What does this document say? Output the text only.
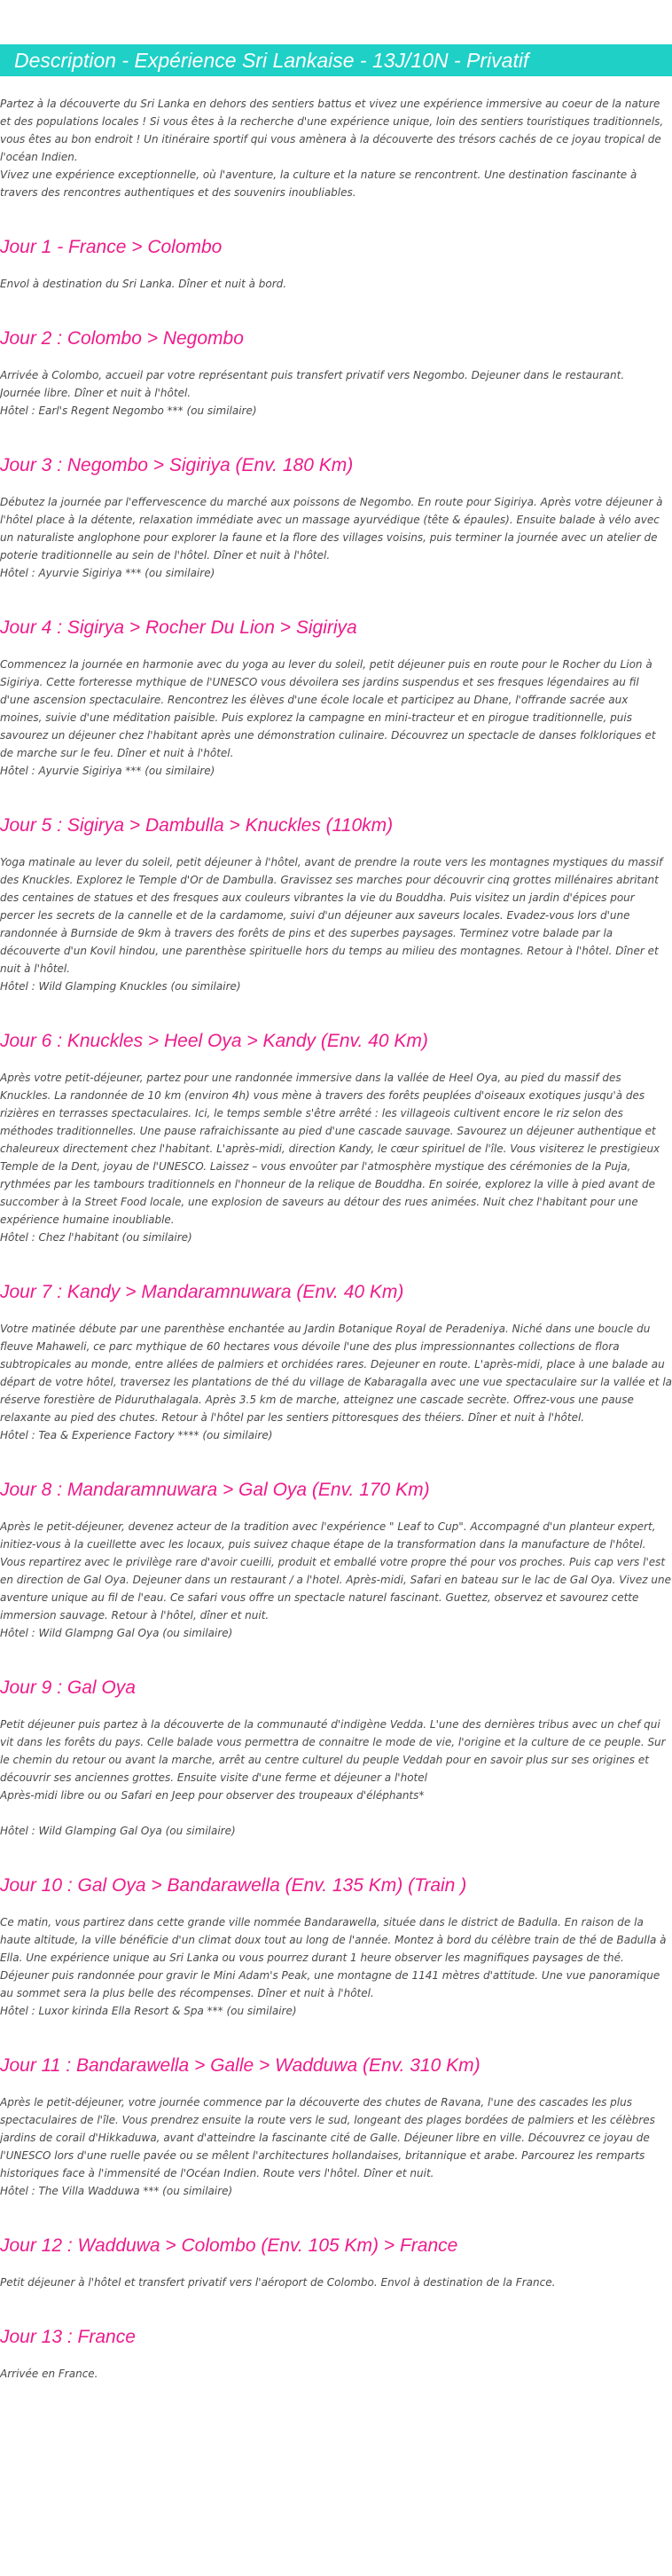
Description - Expérience Sri Lankaise - 13J/10N - Privatif

Partez à la découverte du Sri Lanka en dehors des sentiers battus et vivez une expérience immersive au coeur de la nature et des populations locales ! Si vous êtes à la recherche d'une expérience unique, loin des sentiers touristiques traditionnels, vous êtes au bon endroit ! Un itinéraire sportif qui vous amènera à la découverte des trésors cachés de ce joyau tropical de l'océan Indien.

Vivez une expérience exceptionnelle, où l'aventure, la culture et la nature se rencontrent. Une destination fascinante à travers des rencontres authentiques et des souvenirs inoubliables.

Jour 1 - France > Colombo

Envol à destination du Sri Lanka. Dîner et nuit à bord.

Jour 2 : Colombo > Negombo

Arrivée à Colombo, accueil par votre représentant puis transfert privatif vers Negombo. Dejeuner dans le restaurant.

Journée libre. Dîner et nuit à l'hôtel.

Hôtel : Earl's Regent Negombo *** (ou similaire)

Jour 3 : Negombo > Sigiriya (Env. 180 Km)

Débutez la journée par l'effervescence du marché aux poissons de Negombo. En route pour Sigiriya. Après votre déjeuner à l'hôtel place à la détente, relaxation immédiate avec un massage ayurvédique (tête & épaules). Ensuite balade à vélo avec un naturaliste anglophone pour explorer la faune et la flore des villages voisins, puis terminer la journée avec un atelier de poterie traditionnelle au sein de l'hôtel. Dîner et nuit à l'hôtel.

Hôtel : Ayurvie Sigiriya *** (ou similaire)

Jour 4 : Sigirya > Rocher Du Lion > Sigiriya

Commencez la journée en harmonie avec du yoga au lever du soleil, petit déjeuner puis en route pour le Rocher du Lion à Sigiriya. Cette forteresse mythique de l'UNESCO vous dévoilera ses jardins suspendus et ses fresques légendaires au fil d'une ascension spectaculaire. Rencontrez les élèves d'une école locale et participez au Dhane, l'offrande sacrée aux moines, suivie d'une méditation paisible. Puis explorez la campagne en mini-tracteur et en pirogue traditionnelle, puis savourez un déjeuner chez l'habitant après une démonstration culinaire. Découvrez un spectacle de danses folkloriques et de marche sur le feu. Dîner et nuit à l'hôtel.

Hôtel : Ayurvie Sigiriya *** (ou similaire)

Jour 5 : Sigirya > Dambulla > Knuckles (110km)

Yoga matinale au lever du soleil, petit déjeuner à l'hôtel, avant de prendre la route vers les montagnes mystiques du massif des Knuckles. Explorez le Temple d'Or de Dambulla. Gravissez ses marches pour découvrir cinq grottes millénaires abritant des centaines de statues et des fresques aux couleurs vibrantes la vie du Bouddha. Puis visitez un jardin d'épices pour percer les secrets de la cannelle et de la cardamome, suivi d'un déjeuner aux saveurs locales. Evadez-vous lors d'une randonnée à Burnside de 9km à travers des forêts de pins et des superbes paysages. Terminez votre balade par la découverte d'un Kovil hindou, une parenthèse spirituelle hors du temps au milieu des montagnes. Retour à l'hôtel. Dîner et nuit à l'hôtel.

Hôtel : Wild Glamping Knuckles (ou similaire)

Jour 6 : Knuckles > Heel Oya > Kandy (Env. 40 Km)

Après votre petit-déjeuner, partez pour une randonnée immersive dans la vallée de Heel Oya, au pied du massif des Knuckles. La randonnée de 10 km (environ 4h) vous mène à travers des forêts peuplées d'oiseaux exotiques jusqu'à des rizières en terrasses spectaculaires. Ici, le temps semble s'être arrêté : les villageois cultivent encore le riz selon des méthodes traditionnelles. Une pause rafraichissante au pied d'une cascade sauvage. Savourez un déjeuner authentique et chaleureux directement chez l'habitant. L'après-midi, direction Kandy, le cœur spirituel de l'île. Vous visiterez le prestigieux Temple de la Dent, joyau de l'UNESCO. Laissez – vous envoûter par l'atmosphère mystique des cérémonies de la Puja, rythmées par les tambours traditionnels en l'honneur de la relique de Bouddha. En soirée, explorez la ville à pied avant de succomber à la Street Food locale, une explosion de saveurs au détour des rues animées. Nuit chez l'habitant pour une expérience humaine inoubliable.

Hôtel : Chez l'habitant (ou similaire)

Jour 7 : Kandy > Mandaramnuwara (Env. 40 Km)

Votre matinée débute par une parenthèse enchantée au Jardin Botanique Royal de Peradeniya. Niché dans une boucle du fleuve Mahaweli, ce parc mythique de 60 hectares vous dévoile l'une des plus impressionnantes collections de flora subtropicales au monde, entre allées de palmiers et orchidées rares. Dejeuner en route. L'après-midi, place à une balade au départ de votre hôtel, traversez les plantations de thé du village de Kabaragalla avec une vue spectaculaire sur la vallée et la réserve forestière de Piduruthalagala. Après 3.5 km de marche, atteignez une cascade secrète. Offrez-vous une pause relaxante au pied des chutes. Retour à l'hôtel par les sentiers pittoresques des théiers. Dîner et nuit à l'hôtel.

Hôtel : Tea & Experience Factory **** (ou similaire)

Jour 8 : Mandaramnuwara > Gal Oya (Env. 170 Km)

Après le petit-déjeuner, devenez acteur de la tradition avec l'expérience " Leaf to Cup". Accompagné d'un planteur expert, initiez-vous à la cueillette avec les locaux, puis suivez chaque étape de la transformation dans la manufacture de l'hôtel. Vous repartirez avec le privilège rare d'avoir cueilli, produit et emballé votre propre thé pour vos proches. Puis cap vers l'est en direction de Gal Oya. Dejeuner dans un restaurant / a l'hotel. Après-midi, Safari en bateau sur le lac de Gal Oya. Vivez une aventure unique au fil de l'eau. Ce safari vous offre un spectacle naturel fascinant. Guettez, observez et savourez cette immersion sauvage. Retour à l'hôtel, dîner et nuit.

Hôtel : Wild Glampng Gal Oya (ou similaire)

Jour 9 : Gal Oya

Petit déjeuner puis partez à la découverte de la communauté d'indigène Vedda. L'une des dernières tribus avec un chef qui vit dans les forêts du pays. Celle balade vous permettra de connaitre le mode de vie, l'origine et la culture de ce peuple. Sur le chemin du retour ou avant la marche, arrêt au centre culturel du peuple Veddah pour en savoir plus sur ses origines et découvrir ses anciennes grottes. Ensuite visite d'une ferme et déjeuner a l'hotel

Après-midi libre ou ou Safari en Jeep pour observer des troupeaux d'éléphants*

Hôtel : Wild Glamping Gal Oya (ou similaire)

Jour 10 : Gal Oya > Bandarawella (Env. 135 Km) (Train )

Ce matin, vous partirez dans cette grande ville nommée Bandarawella, située dans le district de Badulla. En raison de la haute altitude, la ville bénéficie d'un climat doux tout au long de l'année. Montez à bord du célèbre train de thé de Badulla à Ella. Une expérience unique au Sri Lanka ou vous pourrez durant 1 heure observer les magnifiques paysages de thé. Déjeuner puis randonnée pour gravir le Mini Adam's Peak, une montagne de 1141 mètres d'attitude. Une vue panoramique au sommet sera la plus belle des récompenses. Dîner et nuit à l'hôtel.

Hôtel : Luxor kirinda Ella Resort & Spa *** (ou similaire)

Jour 11 : Bandarawella > Galle > Wadduwa (Env. 310 Km)

Après le petit-déjeuner, votre journée commence par la découverte des chutes de Ravana, l'une des cascades les plus spectaculaires de l'île. Vous prendrez ensuite la route vers le sud, longeant des plages bordées de palmiers et les célèbres jardins de corail d'Hikkaduwa, avant d'atteindre la fascinante cité de Galle. Déjeuner libre en ville. Découvrez ce joyau de l'UNESCO lors d'une ruelle pavée ou se mêlent l'architectures hollandaises, britannique et arabe. Parcourez les remparts historiques face à l'immensité de l'Océan Indien. Route vers l'hôtel. Dîner et nuit.

Hôtel : The Villa Wadduwa *** (ou similaire)

Jour 12 : Wadduwa > Colombo (Env. 105 Km) > France

Petit déjeuner à l'hôtel et transfert privatif vers l'aéroport de Colombo. Envol à destination de la France.

Jour 13 : France

Arrivée en France.
